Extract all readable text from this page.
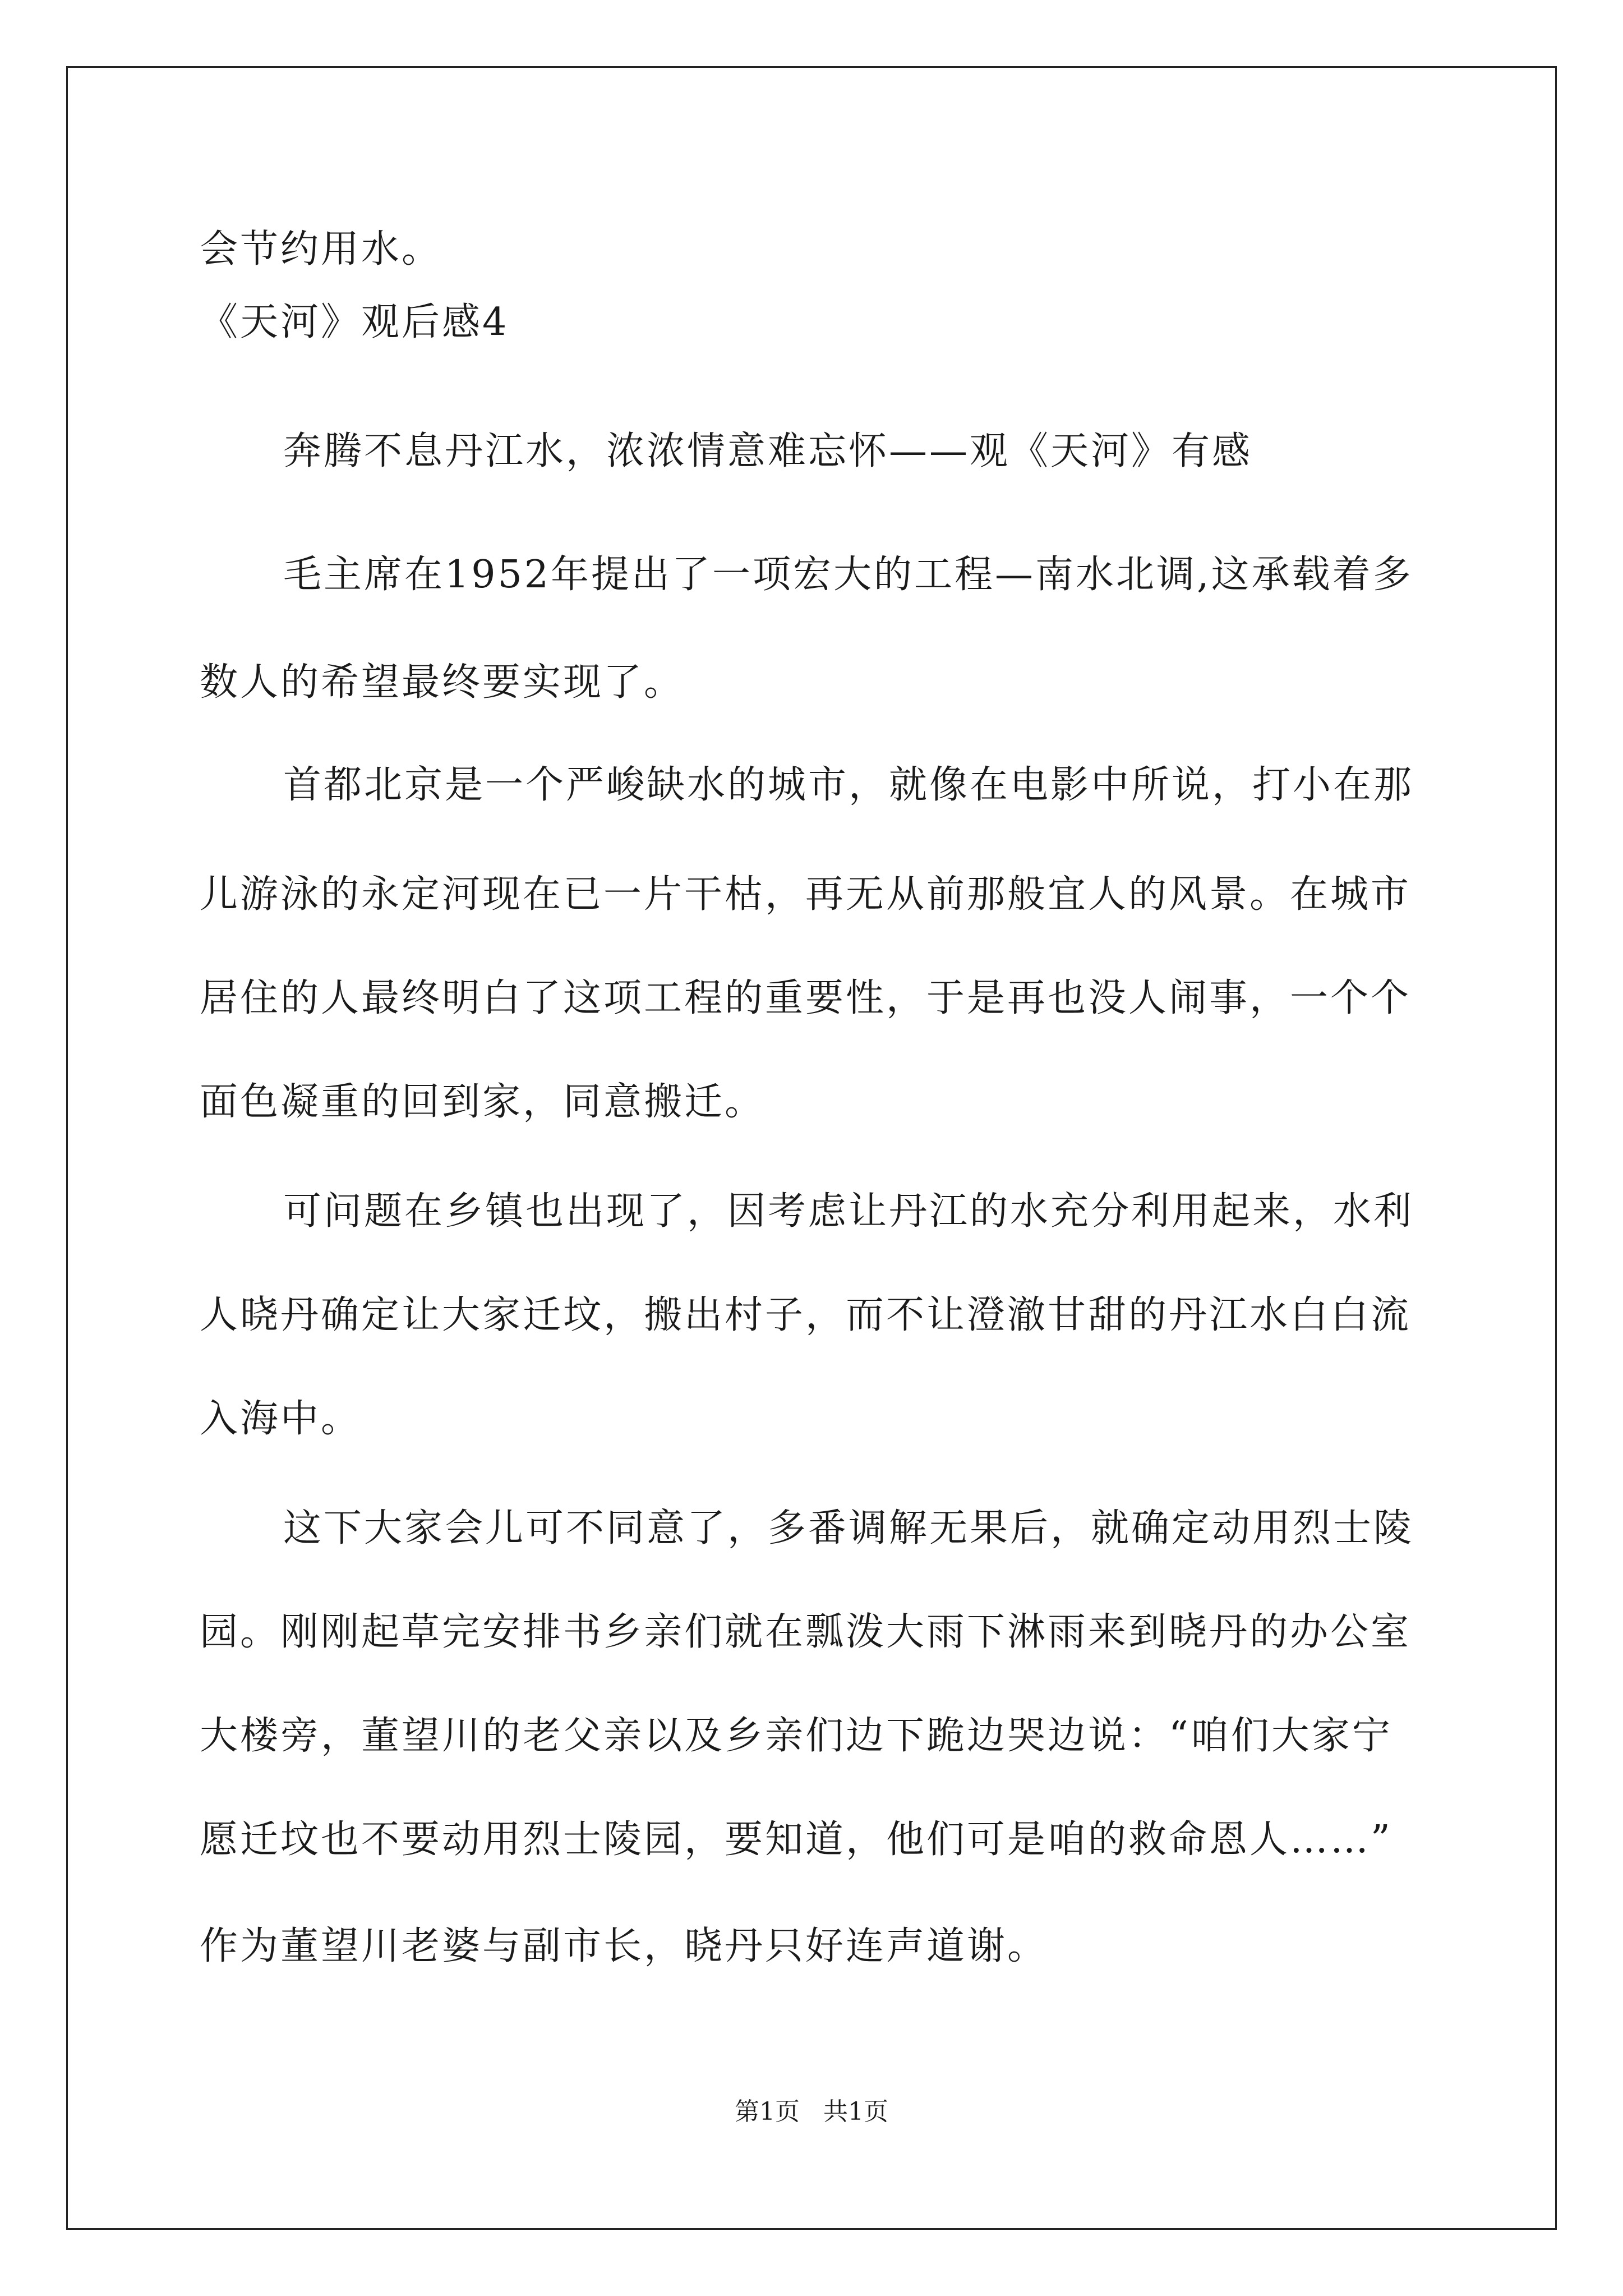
会节约用水。
《天河》观后感4
奔腾不息丹江水，浓浓情意难忘怀——观《天河》有感
毛主席在1952年提出了一项宏大的工程—南水北调,这承载着多
数人的希望最终要实现了。
首都北京是一个严峻缺水的城市，就像在电影中所说，打小在那
儿游泳的永定河现在已一片干枯，再无从前那般宜人的风景。在城市
居住的人最终明白了这项工程的重要性，于是再也没人闹事，一个个
面色凝重的回到家，同意搬迁。
可问题在乡镇也出现了，因考虑让丹江的水充分利用起来，水利
人晓丹确定让大家迁坟，搬出村子，而不让澄澈甘甜的丹江水白白流
入海中。
这下大家会儿可不同意了，多番调解无果后，就确定动用烈士陵
园。刚刚起草完安排书乡亲们就在瓢泼大雨下淋雨来到晓丹的办公室
大楼旁，董望川的老父亲以及乡亲们边下跪边哭边说：“咱们大家宁
愿迁坟也不要动用烈士陵园，要知道，他们可是咱的救命恩人……”
作为董望川老婆与副市长，晓丹只好连声道谢。
第1页 共1页
